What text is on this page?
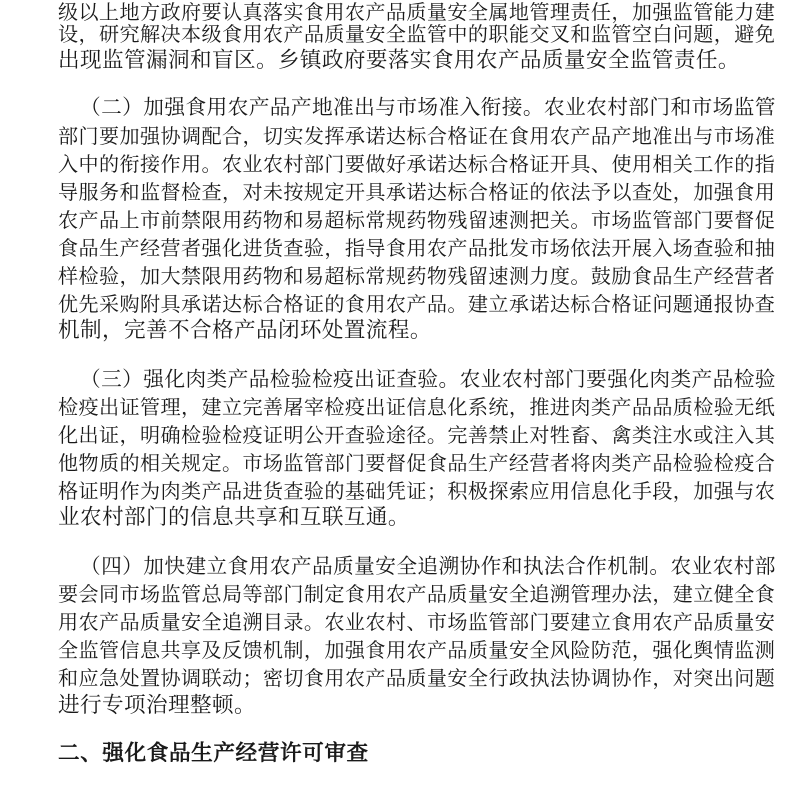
级以上地方政府要认真落实食用农产品质量安全属地管理责任，加强监管能力建
设，研究解决本级食用农产品质量安全监管中的职能交叉和监管空白问题，避免
出现监管漏洞和盲区。乡镇政府要落实食用农产品质量安全监管责任。
（二）加强食用农产品产地准出与市场准入衔接。农业农村部门和市场监管
部门要加强协调配合，切实发挥承诺达标合格证在食用农产品产地准出与市场准
入中的衔接作用。农业农村部门要做好承诺达标合格证开具、使用相关工作的指
导服务和监督检查，对未按规定开具承诺达标合格证的依法予以查处，加强食用
农产品上市前禁限用药物和易超标常规药物残留速测把关。市场监管部门要督促
食品生产经营者强化进货查验，指导食用农产品批发市场依法开展入场查验和抽
样检验，加大禁限用药物和易超标常规药物残留速测力度。鼓励食品生产经营者
优先采购附具承诺达标合格证的食用农产品。建立承诺达标合格证问题通报协查
机制，完善不合格产品闭环处置流程。
（三）强化肉类产品检验检疫出证查验。农业农村部门要强化肉类产品检验
检疫出证管理，建立完善屠宰检疫出证信息化系统，推进肉类产品品质检验无纸
化出证，明确检验检疫证明公开查验途径。完善禁止对牲畜、禽类注水或注入其
他物质的相关规定。市场监管部门要督促食品生产经营者将肉类产品检验检疫合
格证明作为肉类产品进货查验的基础凭证；积极探索应用信息化手段，加强与农
业农村部门的信息共享和互联互通。
（四）加快建立食用农产品质量安全追溯协作和执法合作机制。农业农村部
要会同市场监管总局等部门制定食用农产品质量安全追溯管理办法，建立健全食
用农产品质量安全追溯目录。农业农村、市场监管部门要建立食用农产品质量安
全监管信息共享及反馈机制，加强食用农产品质量安全风险防范，强化舆情监测
和应急处置协调联动；密切食用农产品质量安全行政执法协调协作，对突出问题
进行专项治理整顿。
二、强化食品生产经营许可审查
